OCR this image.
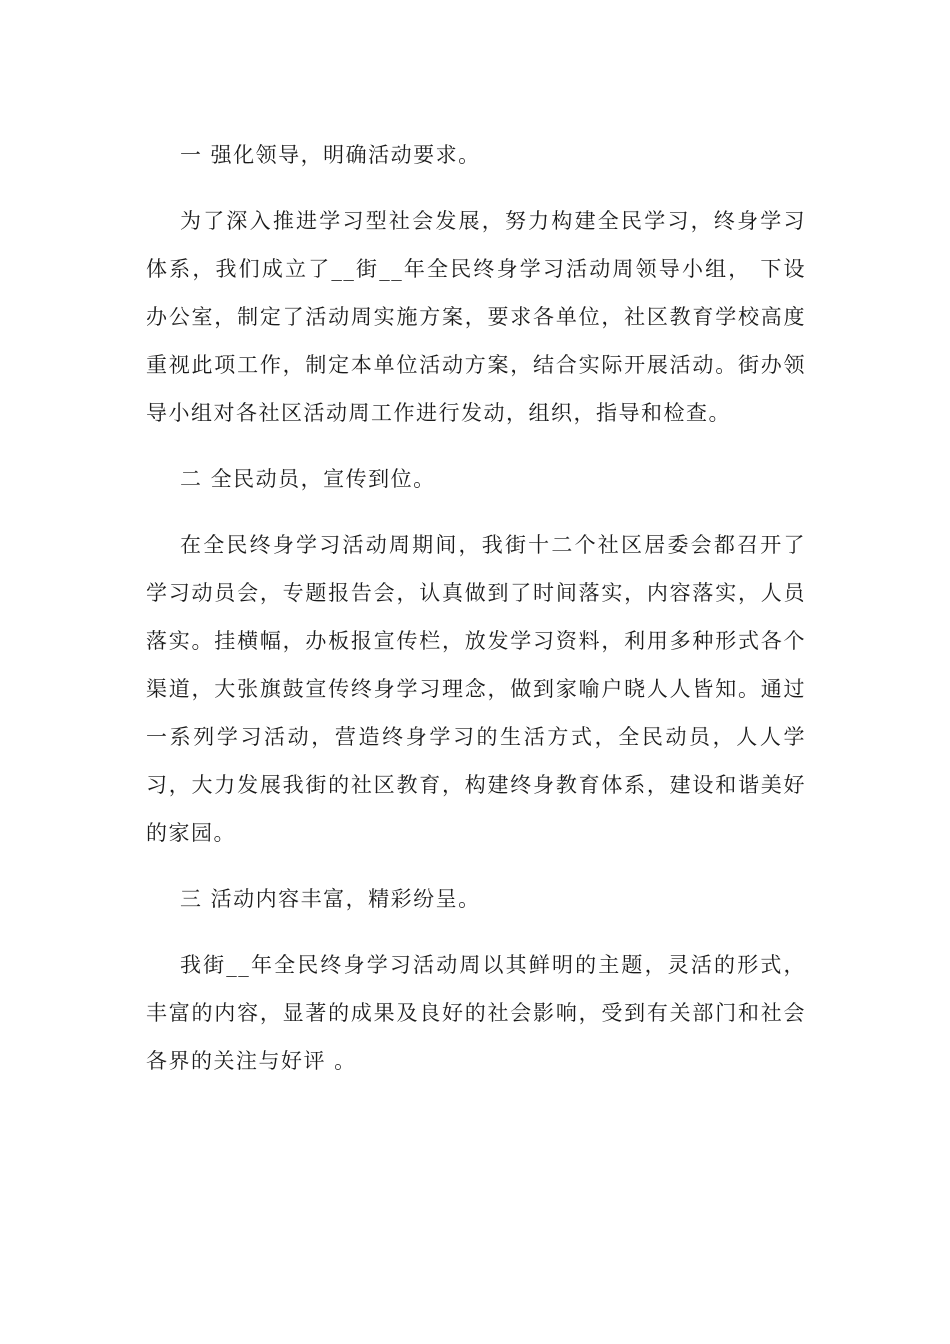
一 强化领导，明确活动要求。

为了深入推进学习型社会发展，努力构建全民学习，终身学习体系，我们成立了__街__年全民终身学习活动周领导小组， 下设办公室，制定了活动周实施方案，要求各单位，社区教育学校高度重视此项工作，制定本单位活动方案，结合实际开展活动。街办领导小组对各社区活动周工作进行发动，组织，指导和检查。

二 全民动员，宣传到位。

在全民终身学习活动周期间，我街十二个社区居委会都召开了学习动员会，专题报告会，认真做到了时间落实，内容落实，人员落实。挂横幅，办板报宣传栏，放发学习资料，利用多种形式各个渠道，大张旗鼓宣传终身学习理念，做到家喻户晓人人皆知。通过一系列学习活动，营造终身学习的生活方式，全民动员，人人学习，大力发展我街的社区教育，构建终身教育体系，建设和谐美好的家园。

三 活动内容丰富，精彩纷呈。

我街__年全民终身学习活动周以其鲜明的主题，灵活的形式，丰富的内容，显著的成果及良好的社会影响，受到有关部门和社会各界的关注与好评 。
